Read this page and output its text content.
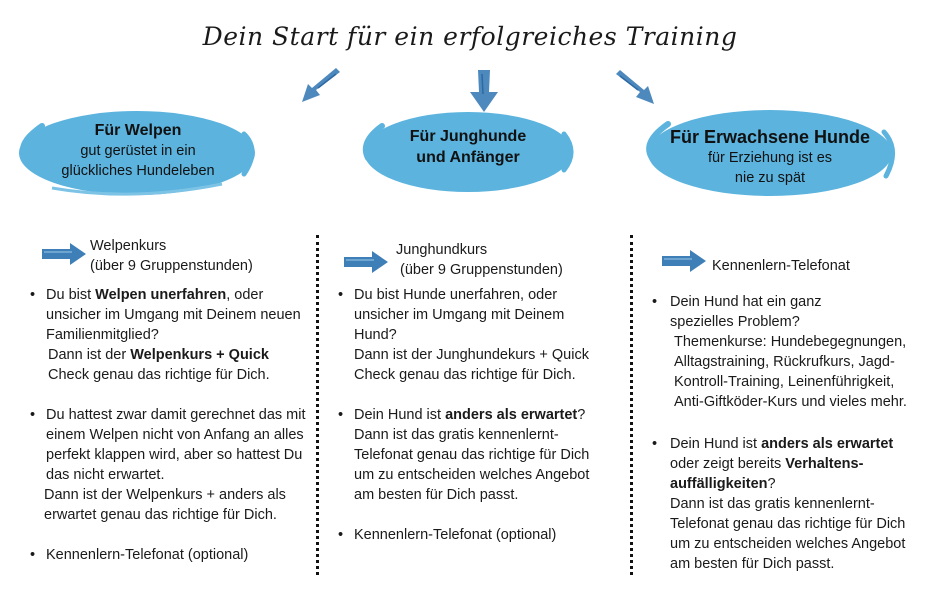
Dein Start für ein erfolgreiches Training
Für Welpen
gut gerüstet in ein
glückliches Hundeleben
Für Junghunde
und Anfänger
Für Erwachsene Hunde
für Erziehung ist es
nie zu spät
Welpenkurs
(über 9 Gruppenstunden)
Junghundkurs
(über 9 Gruppenstunden)	Kennenlern-Telefonat
• Du bist Welpen unerfahren, oder unsicher im Umgang mit Deinem neuen Familienmitglied?
Dann ist der Welpenkurs + Quick Check genau das richtige für Dich.
• Du hattest zwar damit gerechnet das mit einem Welpen nicht von Anfang an alles perfekt klappen wird, aber so hattest Du das nicht erwartet.
Dann ist der Welpenkurs + anders als erwartet genau das richtige für Dich.
• Kennenlern-Telefonat (optional)
• Du bist Hunde unerfahren, oder unsicher im Umgang mit Deinem Hund?
Dann ist der Junghundekurs + Quick Check genau das richtige für Dich.
• Dein Hund ist anders als erwartet?
Dann ist das gratis kennenlernt-Telefonat genau das richtige für Dich um zu entscheiden welches Angebot am besten für Dich passt.
• Kennenlern-Telefonat (optional)
• Dein Hund hat ein ganz spezielles Problem?
Themenkurse: Hundebegegnungen, Alltagstraining, Rückrufkurs, Jagd-Kontroll-Training, Leinenführigkeit, Anti-Giftköder-Kurs und vieles mehr.
• Dein Hund ist anders als erwartet oder zeigt bereits Verhaltens-auffälligkeiten?
Dann ist das gratis kennenlernt-Telefonat genau das richtige für Dich um zu entscheiden welches Angebot am besten für Dich passt.
